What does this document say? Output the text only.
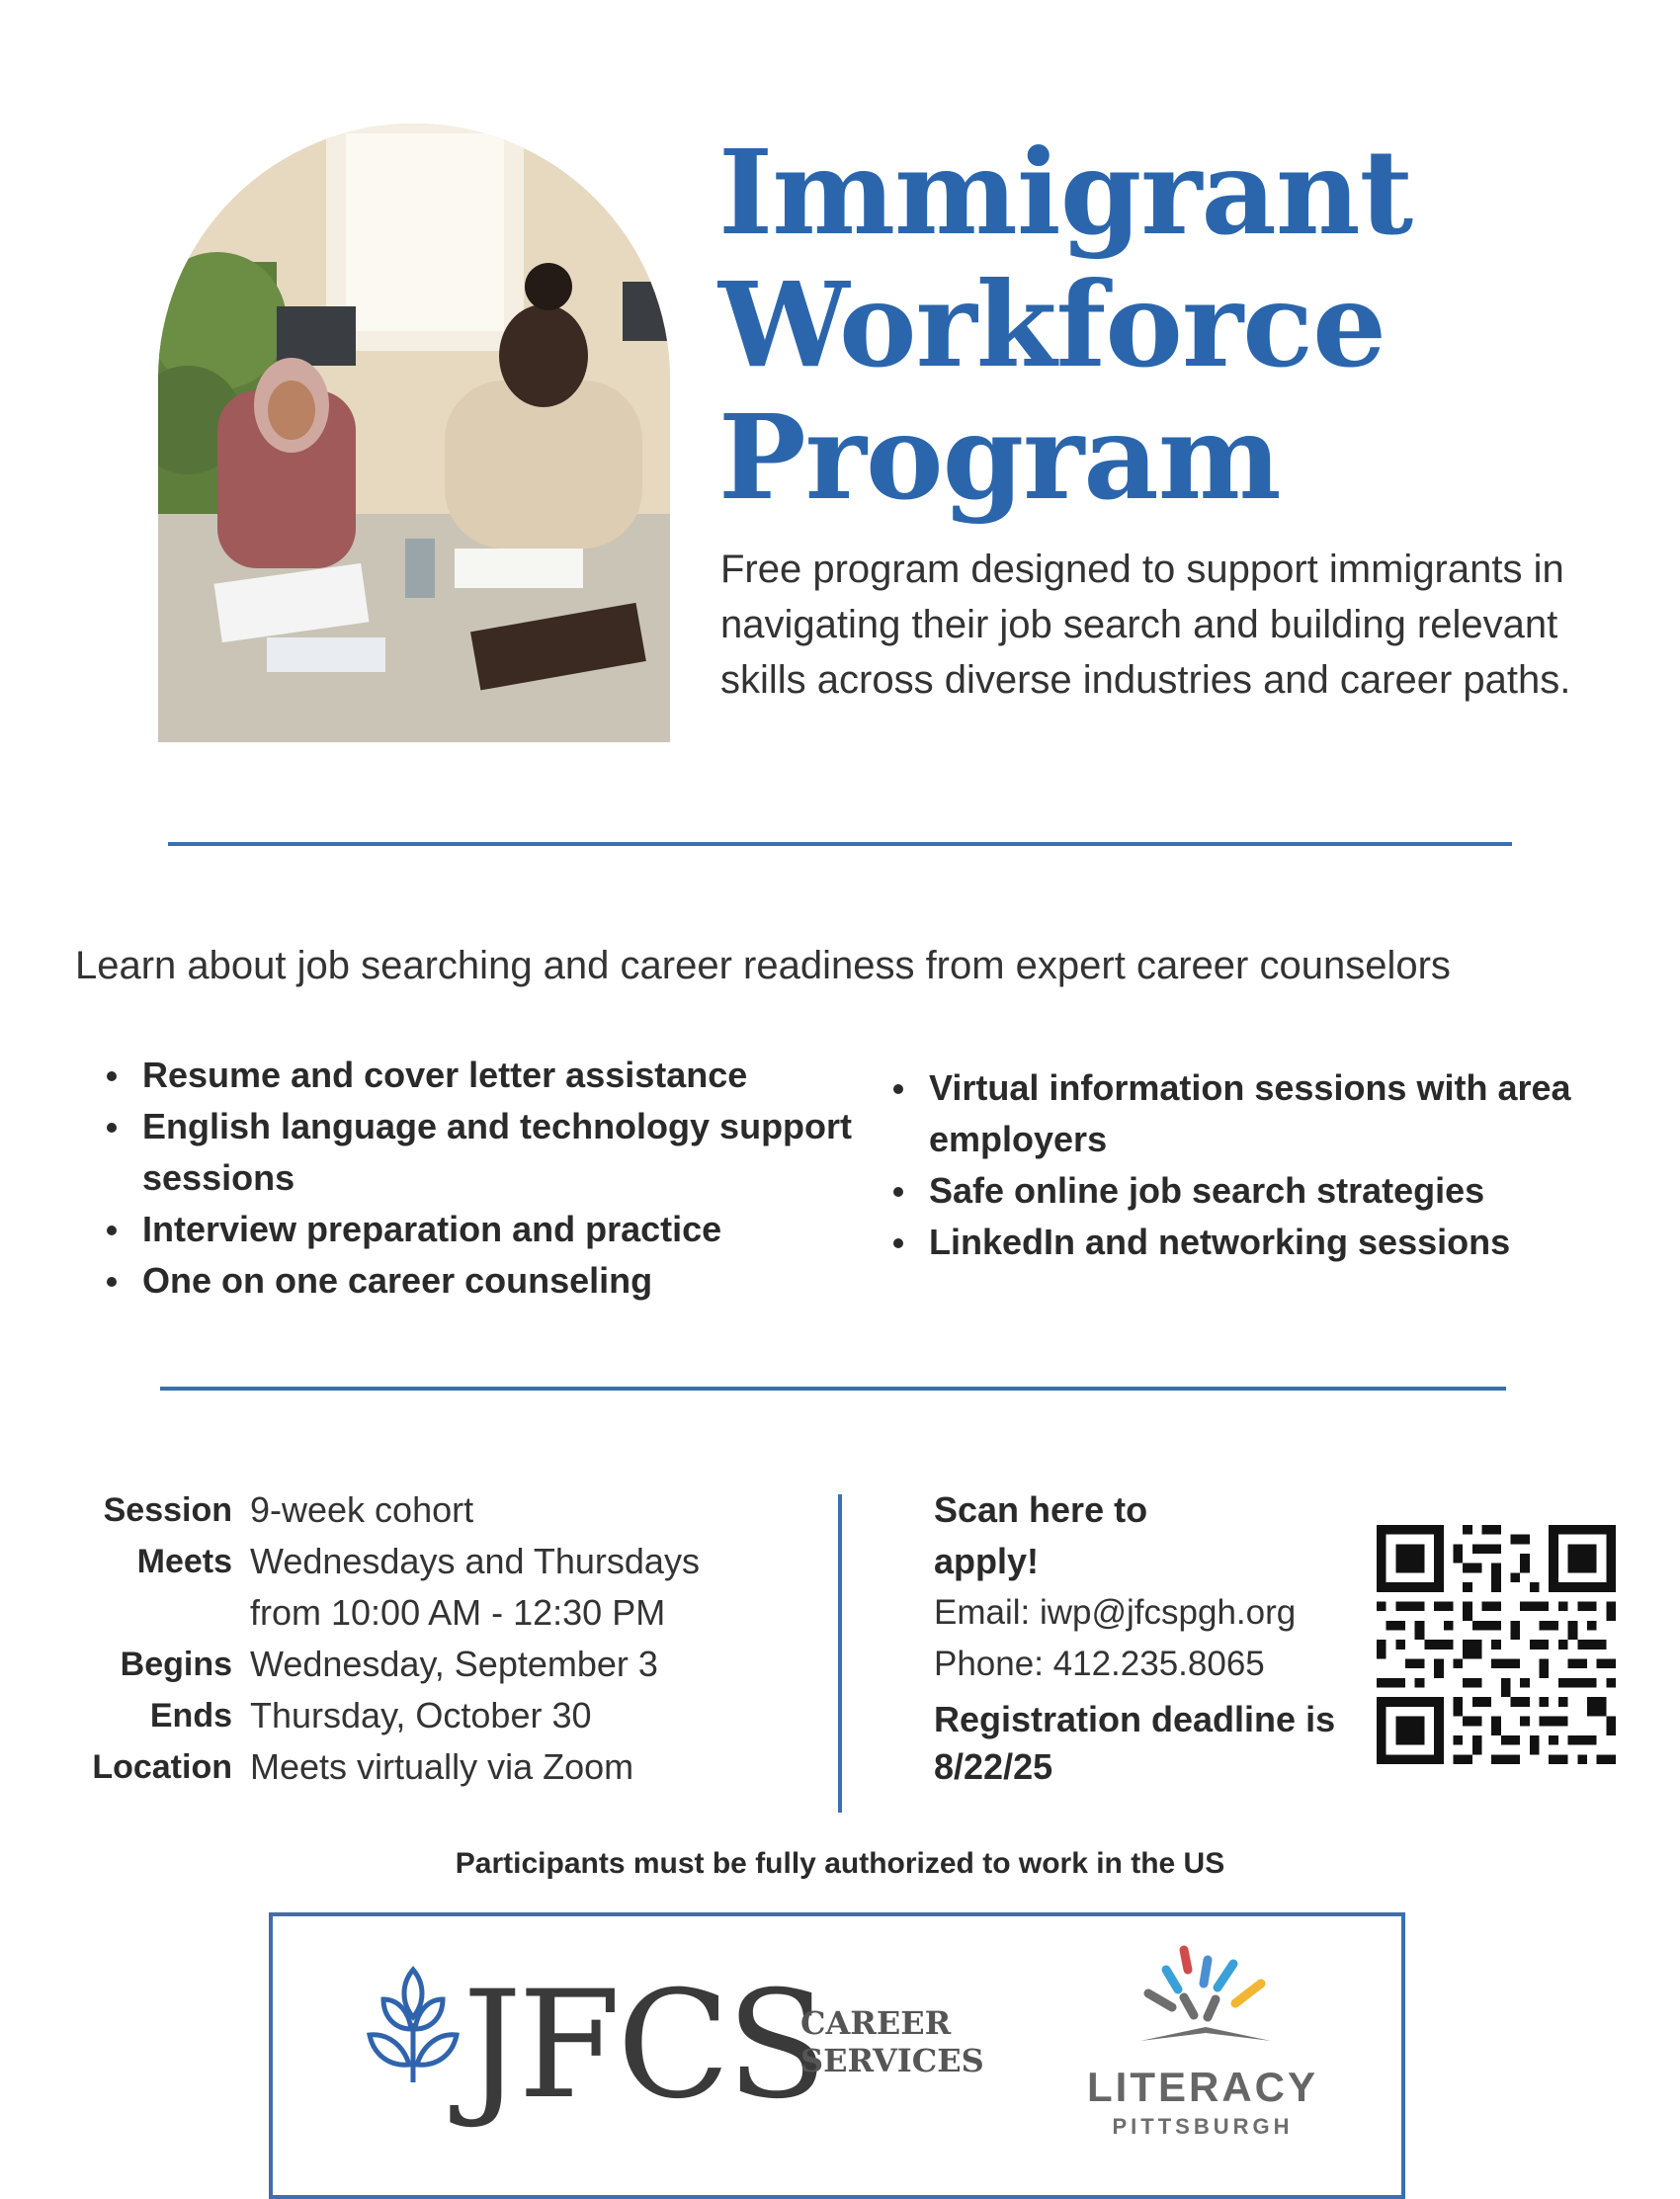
Immigrant
Workforce
Program
Free program designed to support immigrants in navigating their job search and building relevant skills across diverse industries and career paths.
Learn about job searching and career readiness from expert career counselors
Resume and cover letter assistance
English language and technology support sessions
Interview preparation and practice
One on one career counseling
Virtual information sessions with area employers
Safe online job search strategies
LinkedIn and networking sessions
Session 9-week cohort
Meets Wednesdays and Thursdays from 10:00 AM - 12:30 PM
Begins Wednesday, September 3
Ends Thursday, October 30
Location Meets virtually via Zoom
Scan here to apply!
Email: iwp@jfcspgh.org
Phone: 412.235.8065
Registration deadline is 8/22/25
Participants must be fully authorized to work in the US
JFCS
CAREER
SERVICES
LITERACY
PITTSBURGH
